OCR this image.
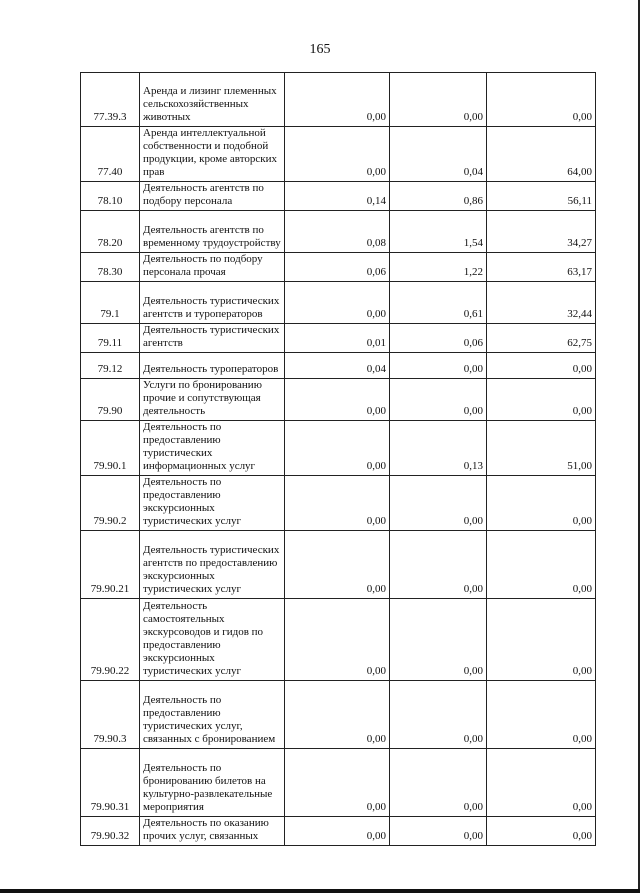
165
77.39.3	Аренда и лизинг племенных сельскохозяйственных животных	0,00	0,00	0,00
77.40	Аренда интеллектуальной собственности и подобной продукции, кроме авторских прав	0,00	0,04	64,00
78.10	Деятельность агентств по подбору персонала	0,14	0,86	56,11
78.20	Деятельность агентств по временному трудоустройству	0,08	1,54	34,27
78.30	Деятельность по подбору персонала прочая	0,06	1,22	63,17
79.1	Деятельность туристических агентств и туроператоров	0,00	0,61	32,44
79.11	Деятельность туристических агентств	0,01	0,06	62,75
79.12	Деятельность туроператоров	0,04	0,00	0,00
79.90	Услуги по бронированию прочие и сопутствующая деятельность	0,00	0,00	0,00
79.90.1	Деятельность по предоставлению туристических информационных услуг	0,00	0,13	51,00
79.90.2	Деятельность по предоставлению экскурсионных туристических услуг	0,00	0,00	0,00
79.90.21	Деятельность туристических агентств по предоставлению экскурсионных туристических услуг	0,00	0,00	0,00
79.90.22	Деятельность самостоятельных экскурсоводов и гидов по предоставлению экскурсионных туристических услуг	0,00	0,00	0,00
79.90.3	Деятельность по предоставлению туристических услуг, связанных с бронированием	0,00	0,00	0,00
79.90.31	Деятельность по бронированию билетов на культурно-развлекательные мероприятия	0,00	0,00	0,00
79.90.32	Деятельность по оказанию прочих услуг, связанных	0,00	0,00	0,00
